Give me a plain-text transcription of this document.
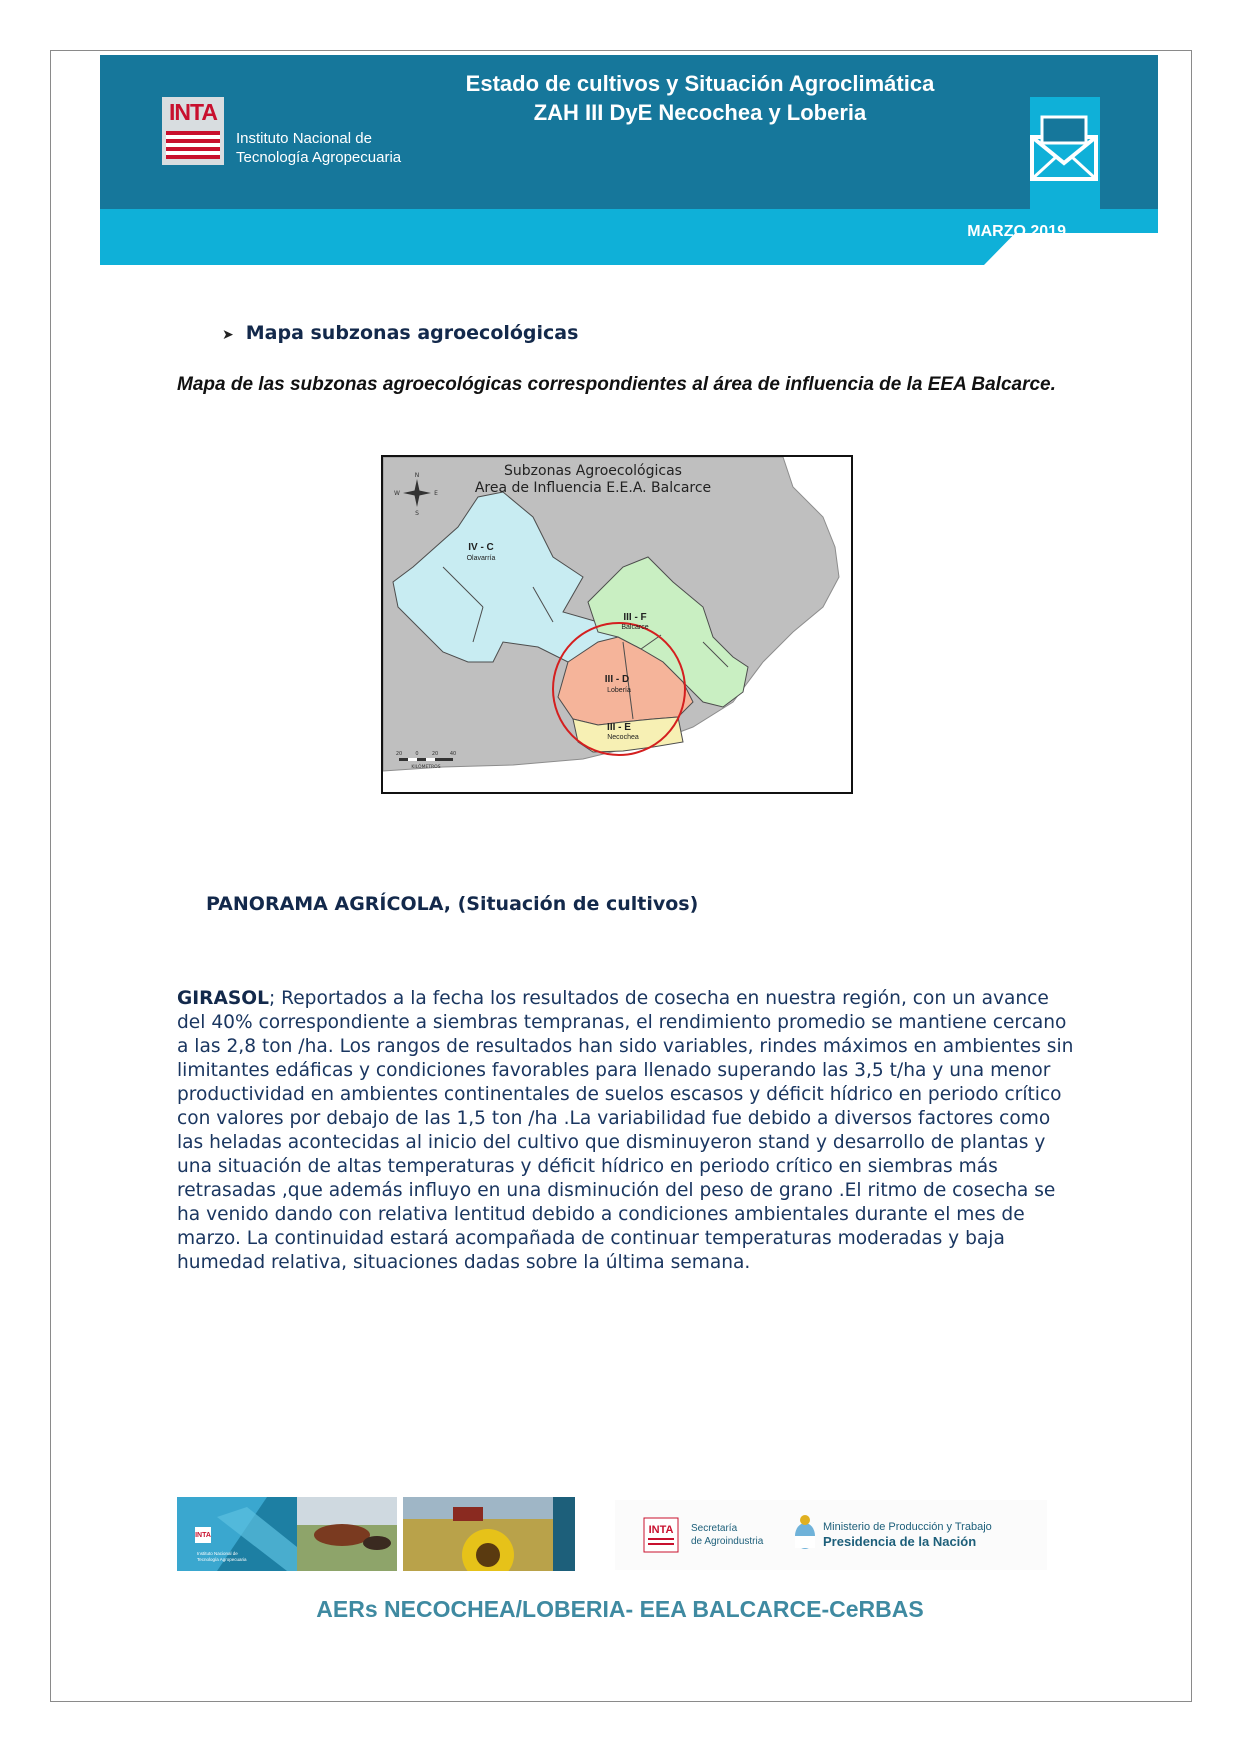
Estado de cultivos y Situación Agroclimática
ZAH III DyE Necochea y Loberia
INTA
Instituto Nacional de
Tecnología Agropecuaria
MARZO 2019
➤ Mapa subzonas agroecológicas
Mapa de las subzonas agroecológicas correspondientes al área de influencia de la EEA Balcarce.
Subzonas Agroecológicas
Area de Influencia E.E.A. Balcarce
IV - C
Olavarría
III - F
Balcarce
III - D
Lobería
III - E
Necocheа
N
E
S
W
20	0	20 40
KILÓMETROS
PANORAMA AGRÍCOLA, (Situación de cultivos)
GIRASOL; Reportados a la fecha los resultados de cosecha en nuestra región, con un avance del 40% correspondiente a siembras tempranas, el rendimiento promedio se mantiene cercano a las 2,8 ton /ha. Los rangos de resultados han sido variables, rindes máximos en ambientes sin limitantes edáficas y condiciones favorables para llenado superando las 3,5 t/ha y una menor productividad en ambientes continentales de suelos escasos y déficit hídrico en periodo crítico con valores por debajo de las 1,5 ton /ha .La variabilidad fue debido a diversos factores como las heladas acontecidas al inicio del cultivo que disminuyeron stand y desarrollo de plantas y una situación de altas temperaturas y déficit hídrico en periodo crítico en siembras más retrasadas ,que además influyo en una disminución del peso de grano .El ritmo de cosecha se ha venido dando con relativa lentitud debido a condiciones ambientales durante el mes de marzo. La continuidad estará acompañada de continuar temperaturas moderadas y baja humedad relativa, situaciones dadas sobre la última semana.
INTA
Instituto Nacional de
Tecnología Agropecuaria
INTA Secretaría
de Agroindustria
Ministerio de Producción y Trabajo
Presidencia de la Nación
AERs NECOCHEA/LOBERIA- EEA BALCARCE-CeRBAS
